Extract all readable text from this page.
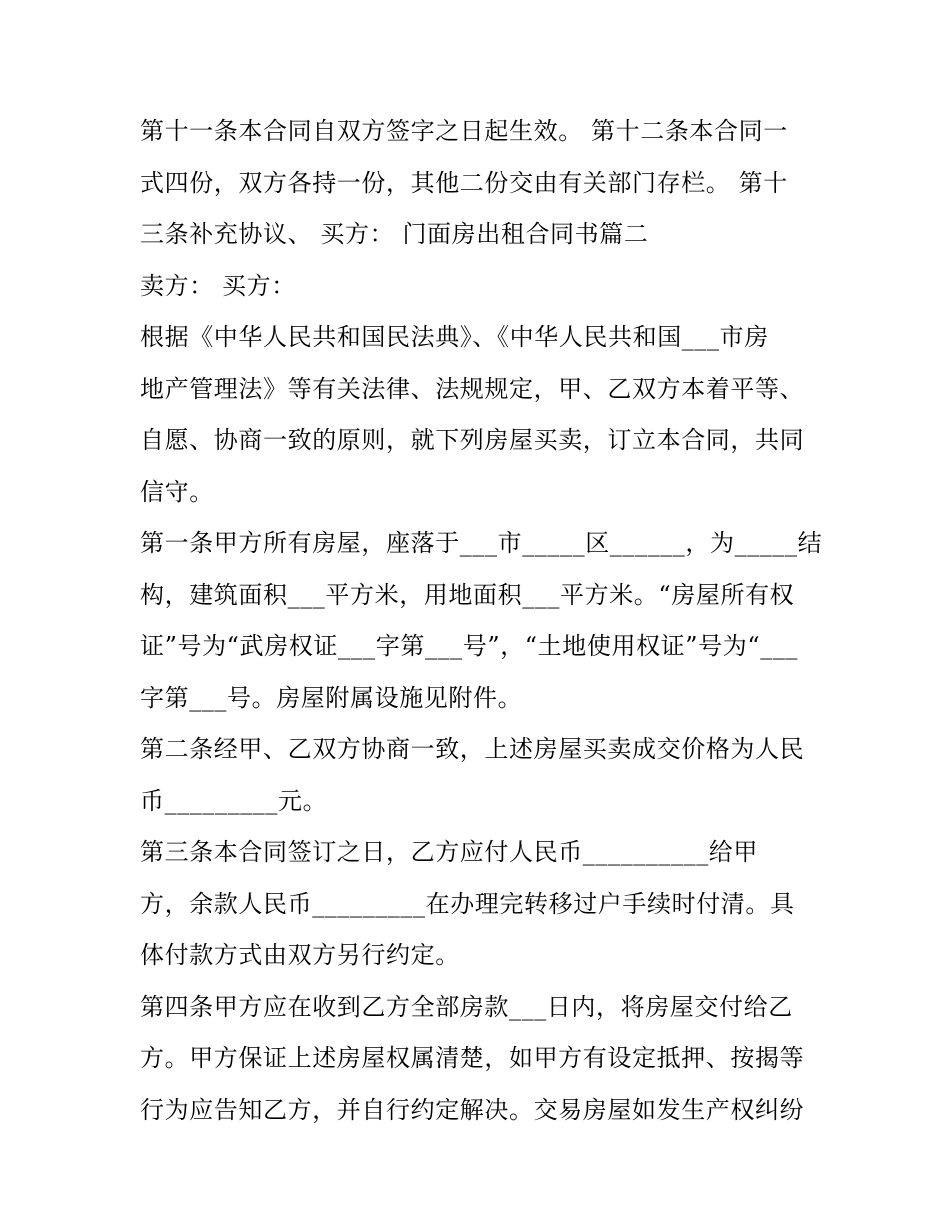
第十一条本合同自双方签字之日起生效。 第十二条本合同一
式四份，双方各持一份，其他二份交由有关部门存栏。 第十
三条补充协议、 买方： 门面房出租合同书篇二
卖方： 买方：
根据《中华人民共和国民法典》、《中华人民共和国___市房
地产管理法》等有关法律、法规规定，甲、乙双方本着平等、
自愿、协商一致的原则，就下列房屋买卖，订立本合同，共同
信守。
第一条甲方所有房屋，座落于___市_____区______，为_____结
构，建筑面积___平方米，用地面积___平方米。“房屋所有权
证”号为“武房权证___字第___号”，“土地使用权证”号为“___
字第___号。房屋附属设施见附件。
第二条经甲、乙双方协商一致，上述房屋买卖成交价格为人民
币_________元。
第三条本合同签订之日，乙方应付人民币__________给甲
方，余款人民币_________在办理完转移过户手续时付清。具
体付款方式由双方另行约定。
第四条甲方应在收到乙方全部房款___日内，将房屋交付给乙
方。甲方保证上述房屋权属清楚，如甲方有设定抵押、按揭等
行为应告知乙方，并自行约定解决。交易房屋如发生产权纠纷
